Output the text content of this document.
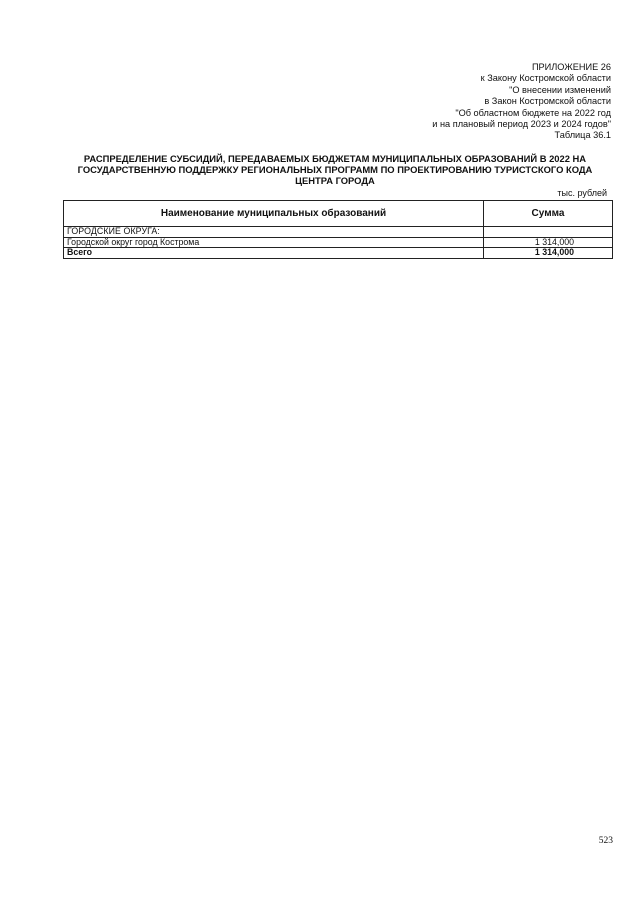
ПРИЛОЖЕНИЕ 26
к Закону Костромской области
"О внесении изменений
в Закон Костромской области
"Об областном бюджете на 2022 год
и на плановый период 2023 и 2024 годов"
Таблица 36.1
РАСПРЕДЕЛЕНИЕ СУБСИДИЙ, ПЕРЕДАВАЕМЫХ БЮДЖЕТАМ МУНИЦИПАЛЬНЫХ ОБРАЗОВАНИЙ В 2022 НА
ГОСУДАРСТВЕННУЮ ПОДДЕРЖКУ РЕГИОНАЛЬНЫХ ПРОГРАММ ПО ПРОЕКТИРОВАНИЮ ТУРИСТСКОГО КОДА
ЦЕНТРА ГОРОДА
тыс. рублей
Наименование муниципальных образований	Сумма
ГОРОДСКИЕ ОКРУГА:	
Городской округ город Кострома	1 314,000
Всего	1 314,000
523
